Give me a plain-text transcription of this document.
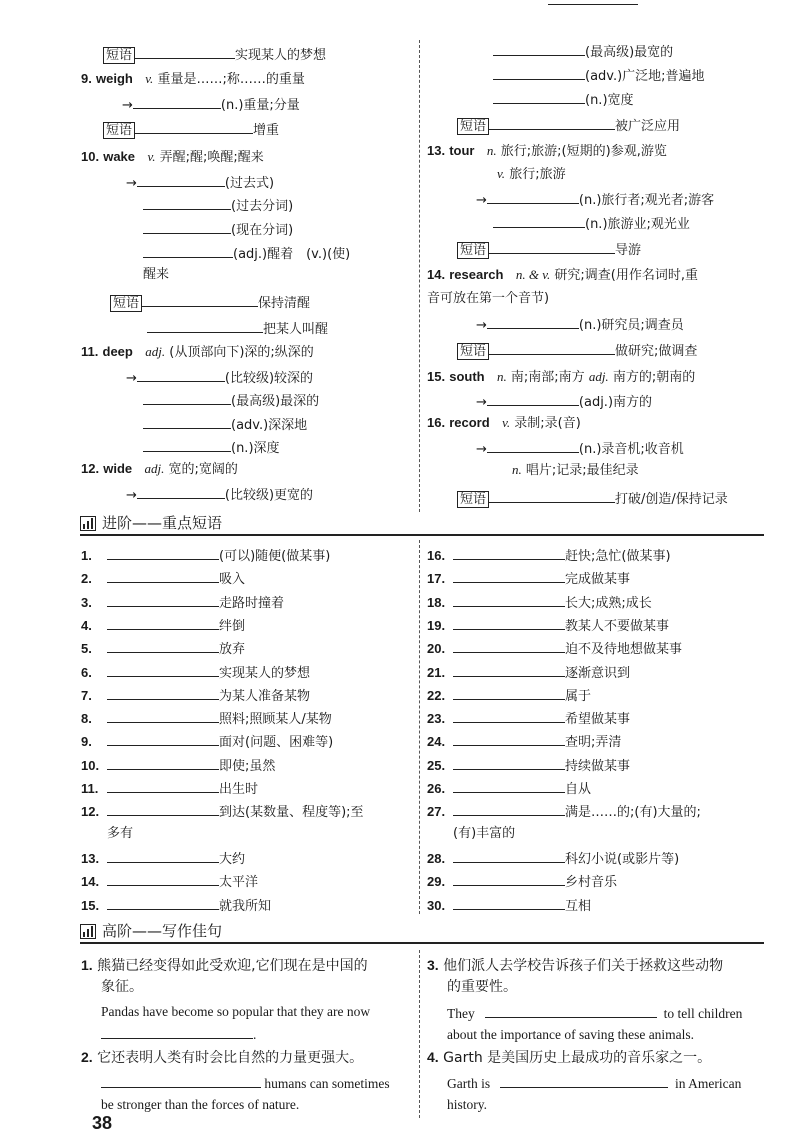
短语	实现某人的梦想
9. weigh v. 重量是……;称……的重量
→	(n.)重量;分量
短语	增重
10. wake v. 弄醒;醒;唤醒;醒来
→	(过去式)
(过去分词)
(现在分词)
(adj.)醒着　(v.)(使)
醒来
短语	保持清醒
把某人叫醒
11. deep adj. (从顶部向下)深的;纵深的
→	(比较级)较深的
(最高级)最深的
(adv.)深深地
(n.)深度
12. wide adj. 宽的;宽阔的
→	(比较级)更宽的
(最高级)最宽的
(adv.)广泛地;普遍地
(n.)宽度
短语	被广泛应用
13. tour n. 旅行;旅游;(短期的)参观,游览
v. 旅行;旅游
→	(n.)旅行者;观光者;游客
(n.)旅游业;观光业
短语	导游
14. research n. & v. 研究;调查(用作名词时,重
音可放在第一个音节)
→	(n.)研究员;调查员
短语	做研究;做调查
15. south n. 南;南部;南方 adj. 南方的;朝南的
→	(adj.)南方的
16. record v. 录制;录(音)
→	(n.)录音机;收音机
n. 唱片;记录;最佳纪录
短语	打破/创造/保持记录
进阶——重点短语
1.	(可以)随便(做某事)
2.	吸入
3.	走路时撞着
4.	绊倒
5.	放弃
6.	实现某人的梦想
7.	为某人准备某物
8.	照料;照顾某人/某物
9.	面对(问题、困难等)
10.	即使;虽然
11.	出生时
12.	到达(某数量、程度等);至
多有
13.	大约
14.	太平洋
15.	就我所知
16.	赶快;急忙(做某事)
17.	完成做某事
18.	长大;成熟;成长
19.	教某人不要做某事
20.	迫不及待地想做某事
21.	逐渐意识到
22.	属于
23.	希望做某事
24.	查明;弄清
25.	持续做某事
26.	自从
27.	满是……的;(有)大量的;
(有)丰富的
28.	科幻小说(或影片等)
29.	乡村音乐
30.	互相
高阶——写作佳句
1. 熊猫已经变得如此受欢迎,它们现在是中国的
象征。
Pandas have become so popular that they are now
.
2. 它还表明人类有时会比自然的力量更强大。
humans can sometimes
be stronger than the forces of nature.
3. 他们派人去学校告诉孩子们关于拯救这些动物
的重要性。
They	to tell children
about the importance of saving these animals.
4. Garth 是美国历史上最成功的音乐家之一。
Garth is	in American
history.
38
